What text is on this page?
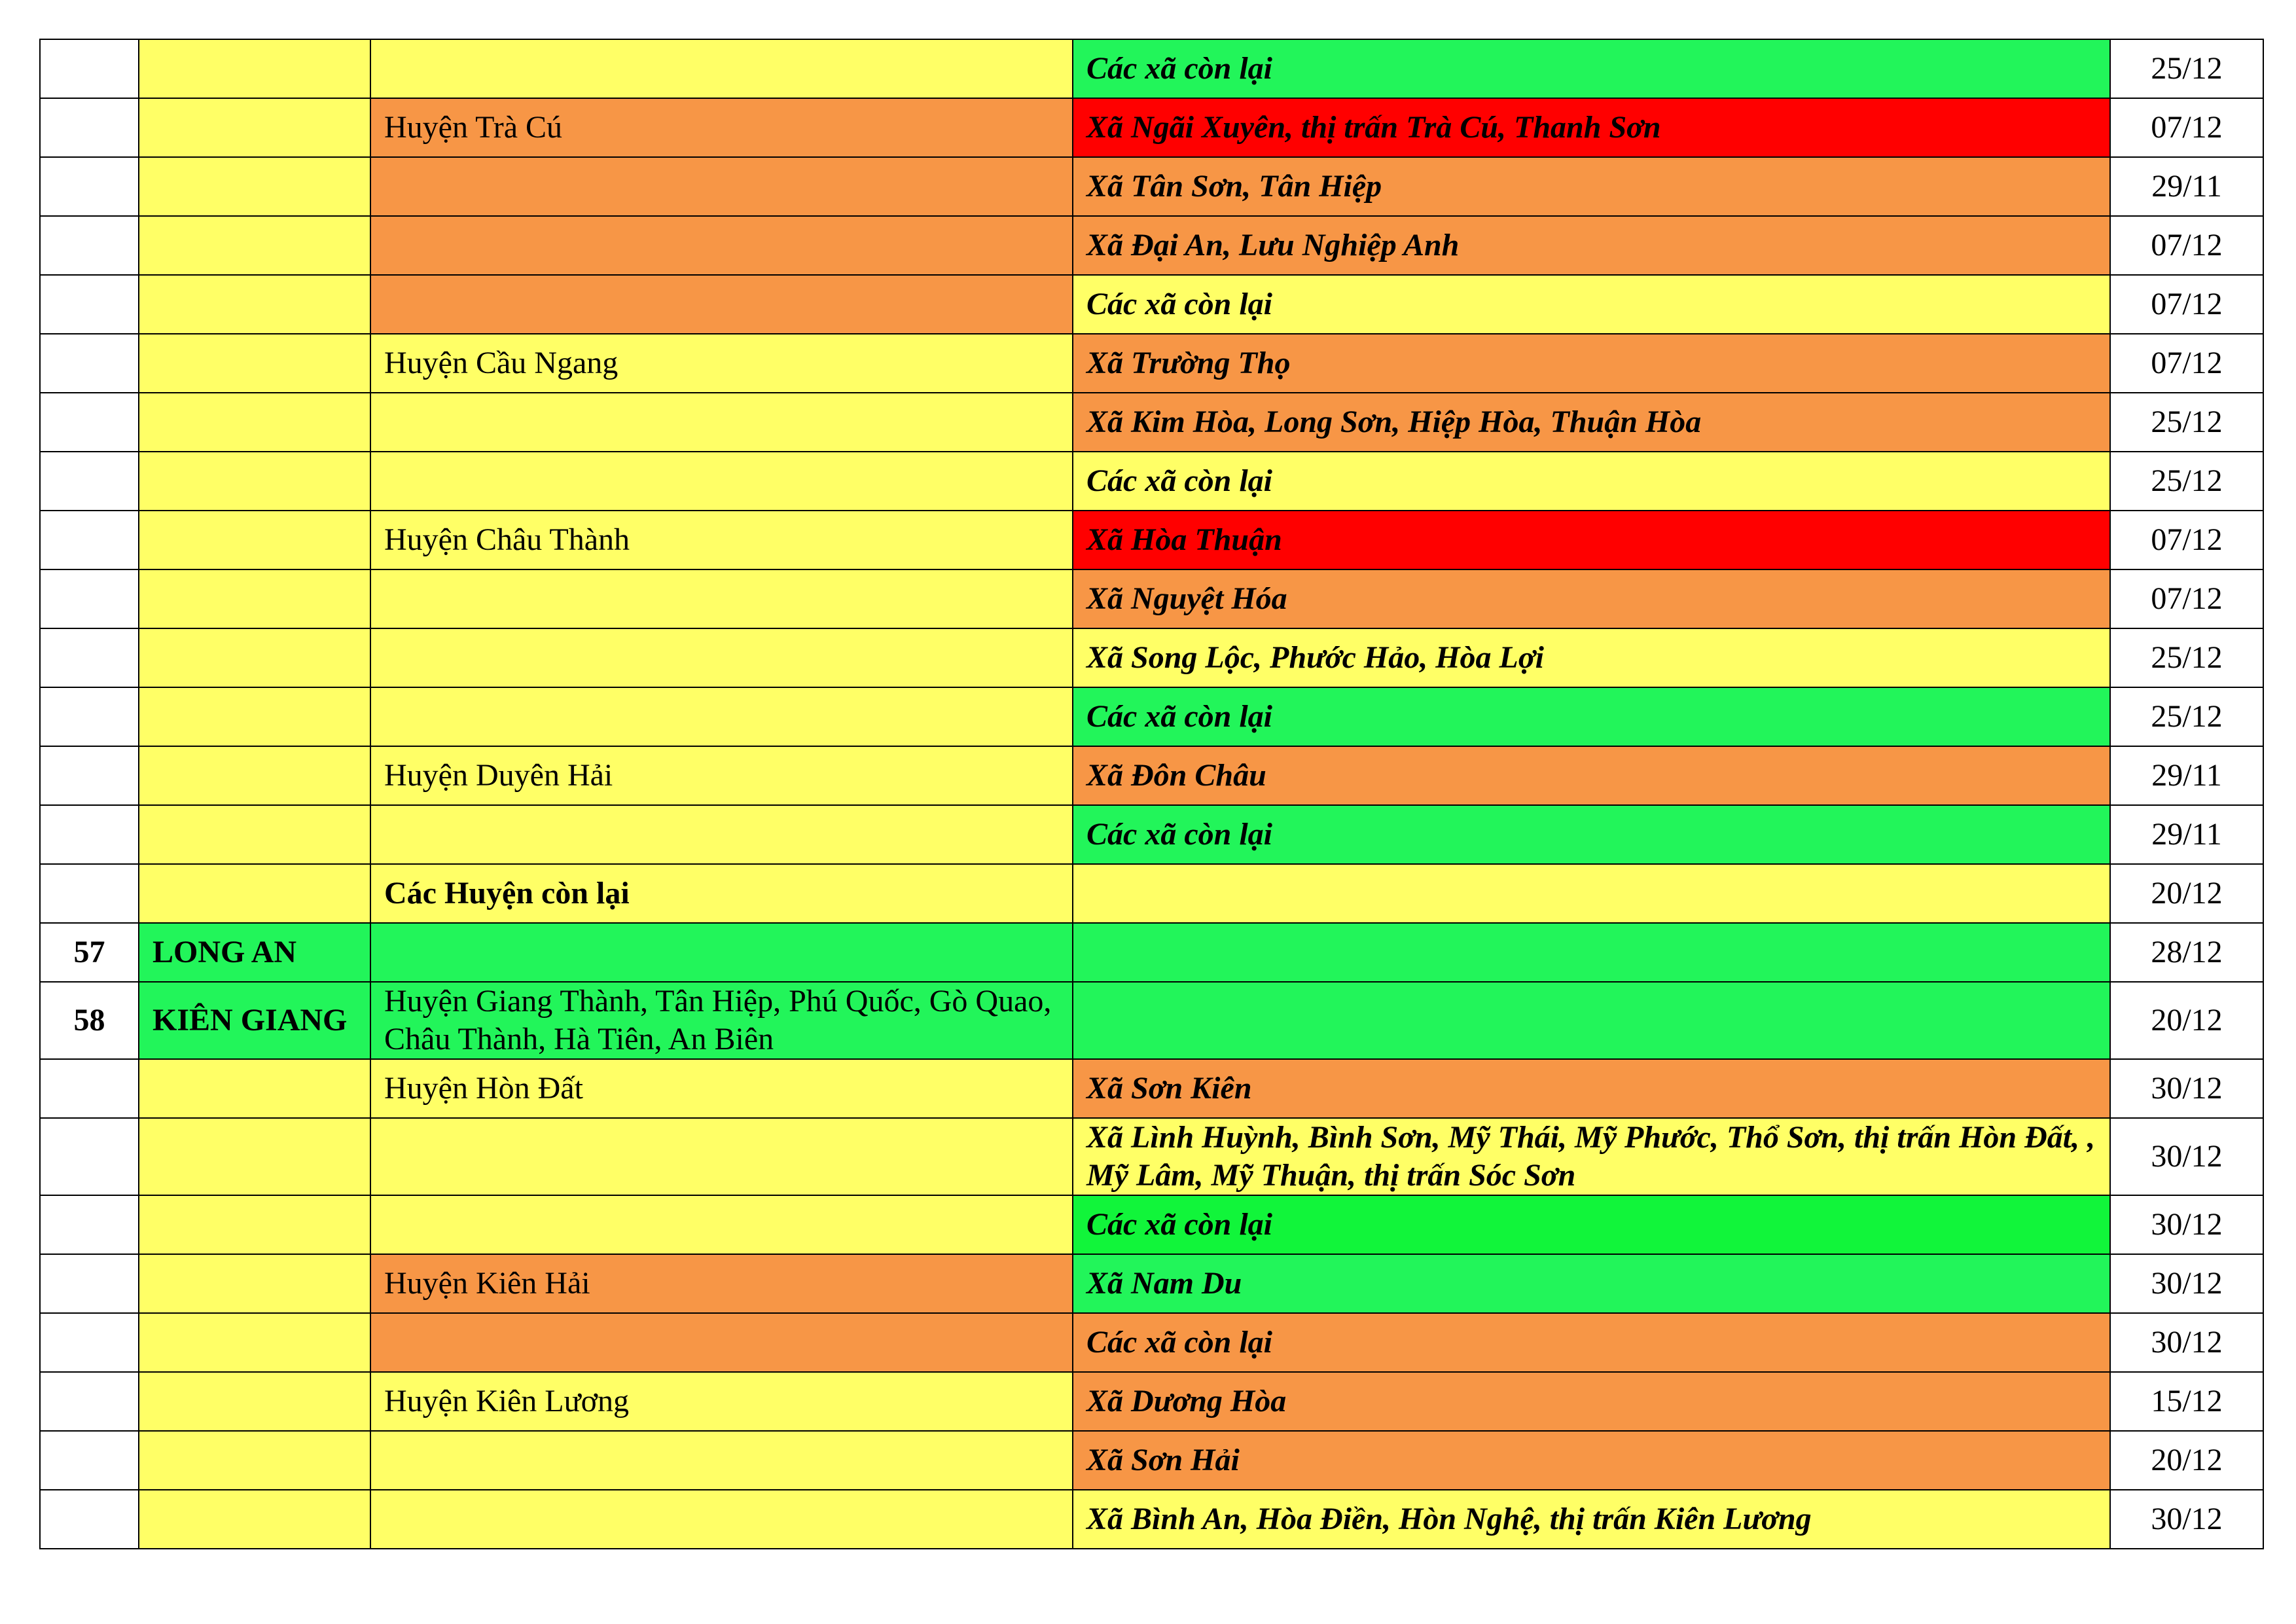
			Các xã còn lại	25/12
		Huyện Trà Cú	Xã Ngãi Xuyên, thị trấn Trà Cú, Thanh Sơn	07/12
			Xã Tân Sơn, Tân Hiệp	29/11
			Xã Đại An, Lưu Nghiệp Anh	07/12
			Các xã còn lại	07/12
		Huyện Cầu Ngang	Xã Trường Thọ	07/12
			Xã Kim Hòa, Long Sơn, Hiệp Hòa, Thuận Hòa	25/12
			Các xã còn lại	25/12
		Huyện Châu Thành	Xã Hòa Thuận	07/12
			Xã Nguyệt Hóa	07/12
			Xã Song Lộc, Phước Hảo, Hòa Lợi	25/12
			Các xã còn lại	25/12
		Huyện Duyên Hải	Xã Đôn Châu	29/11
			Các xã còn lại	29/11
		Các Huyện còn lại		20/12
57	LONG AN			28/12
58	KIÊN GIANG	Huyện Giang Thành, Tân Hiệp, Phú Quốc, Gò Quao, Châu Thành, Hà Tiên, An Biên		20/12
		Huyện Hòn Đất	Xã Sơn Kiên	30/12
			Xã Lình Huỳnh, Bình Sơn, Mỹ Thái, Mỹ Phước, Thổ Sơn, thị trấn Hòn Đất, , Mỹ Lâm, Mỹ Thuận, thị trấn Sóc Sơn	30/12
			Các xã còn lại	30/12
		Huyện Kiên Hải	Xã Nam Du	30/12
			Các xã còn lại	30/12
		Huyện Kiên Lương	Xã Dương Hòa	15/12
			Xã Sơn Hải	20/12
			Xã Bình An, Hòa Điền, Hòn Nghệ, thị trấn Kiên Lương	30/12
